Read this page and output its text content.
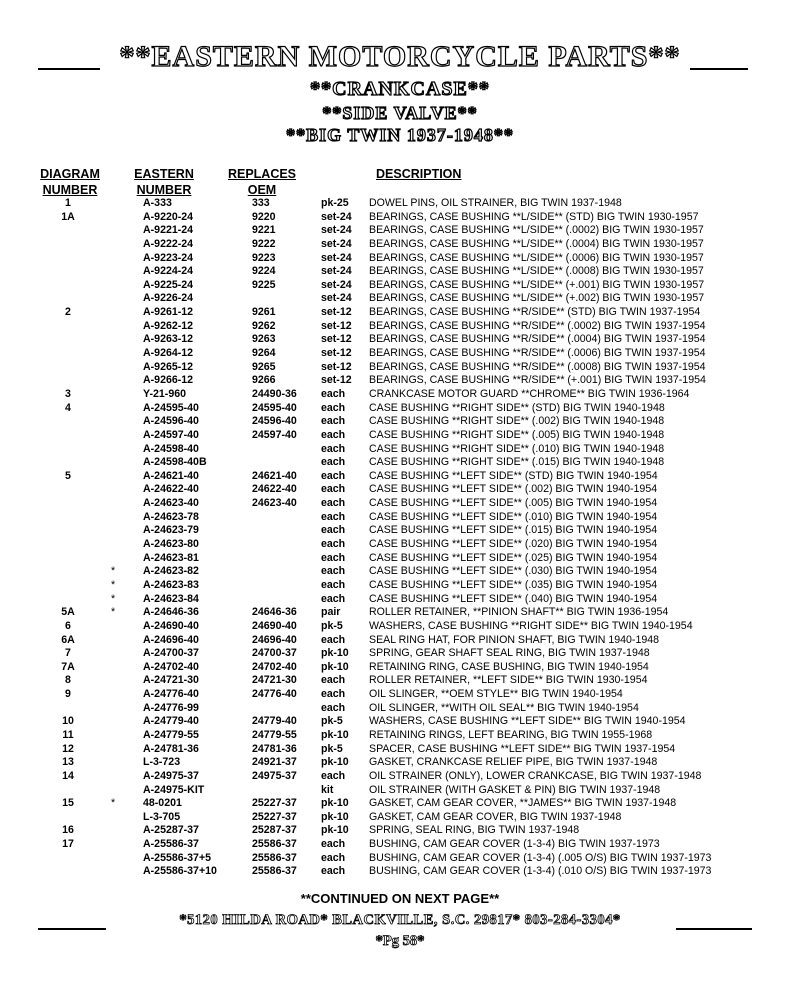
**EASTERN MOTORCYCLE PARTS**
**CRANKCASE**
**SIDE VALVE**
**BIG TWIN 1937-1948**
DIAGRAM
NUMBER
EASTERN
NUMBER
REPLACES
OEM
DESCRIPTION
1	A-333	333	pk-25 DOWEL PINS, OIL STRAINER, BIG TWIN 1937-1948
1A	A-9220-24	9220	set-24 BEARINGS, CASE BUSHING **L/SIDE** (STD) BIG TWIN 1930-1957
A-9221-24	9221	set-24 BEARINGS, CASE BUSHING **L/SIDE** (.0002) BIG TWIN 1930-1957
A-9222-24	9222	set-24 BEARINGS, CASE BUSHING **L/SIDE** (.0004) BIG TWIN 1930-1957
A-9223-24	9223	set-24 BEARINGS, CASE BUSHING **L/SIDE** (.0006) BIG TWIN 1930-1957
A-9224-24	9224	set-24 BEARINGS, CASE BUSHING **L/SIDE** (.0008) BIG TWIN 1930-1957
A-9225-24	9225	set-24 BEARINGS, CASE BUSHING **L/SIDE** (+.001) BIG TWIN 1930-1957
A-9226-24	set-24 BEARINGS, CASE BUSHING **L/SIDE** (+.002) BIG TWIN 1930-1957
2	A-9261-12	9261	set-12 BEARINGS, CASE BUSHING **R/SIDE** (STD) BIG TWIN 1937-1954
A-9262-12	9262	set-12 BEARINGS, CASE BUSHING **R/SIDE** (.0002) BIG TWIN 1937-1954
A-9263-12	9263	set-12 BEARINGS, CASE BUSHING **R/SIDE** (.0004) BIG TWIN 1937-1954
A-9264-12	9264	set-12 BEARINGS, CASE BUSHING **R/SIDE** (.0006) BIG TWIN 1937-1954
A-9265-12	9265	set-12 BEARINGS, CASE BUSHING **R/SIDE** (.0008) BIG TWIN 1937-1954
A-9266-12	9266	set-12 BEARINGS, CASE BUSHING **R/SIDE** (+.001) BIG TWIN 1937-1954
3	Y-21-960	24490-36 each CRANKCASE MOTOR GUARD **CHROME** BIG TWIN 1936-1964
4	A-24595-40	24595-40 each CASE BUSHING **RIGHT SIDE** (STD) BIG TWIN 1940-1948
A-24596-40	24596-40 each CASE BUSHING **RIGHT SIDE** (.002) BIG TWIN 1940-1948
A-24597-40	24597-40 each CASE BUSHING **RIGHT SIDE** (.005) BIG TWIN 1940-1948
A-24598-40	each CASE BUSHING **RIGHT SIDE** (.010) BIG TWIN 1940-1948
A-24598-40B	each CASE BUSHING **RIGHT SIDE** (.015) BIG TWIN 1940-1948
5	A-24621-40	24621-40 each CASE BUSHING **LEFT SIDE** (STD) BIG TWIN 1940-1954
A-24622-40	24622-40 each CASE BUSHING **LEFT SIDE** (.002) BIG TWIN 1940-1954
A-24623-40	24623-40 each CASE BUSHING **LEFT SIDE** (.005) BIG TWIN 1940-1954
A-24623-78	each CASE BUSHING **LEFT SIDE** (.010) BIG TWIN 1940-1954
A-24623-79	each CASE BUSHING **LEFT SIDE** (.015) BIG TWIN 1940-1954
A-24623-80	each CASE BUSHING **LEFT SIDE** (.020) BIG TWIN 1940-1954
A-24623-81	each CASE BUSHING **LEFT SIDE** (.025) BIG TWIN 1940-1954
*	A-24623-82	each CASE BUSHING **LEFT SIDE** (.030) BIG TWIN 1940-1954
*	A-24623-83	each CASE BUSHING **LEFT SIDE** (.035) BIG TWIN 1940-1954
*	A-24623-84	each CASE BUSHING **LEFT SIDE** (.040) BIG TWIN 1940-1954
5A	*	A-24646-36	24646-36 pair	ROLLER RETAINER, **PINION SHAFT** BIG TWIN 1936-1954
6	A-24690-40	24690-40 pk-5 WASHERS, CASE BUSHING **RIGHT SIDE** BIG TWIN 1940-1954
6A	A-24696-40	24696-40 each SEAL RING HAT, FOR PINION SHAFT, BIG TWIN 1940-1948
7	A-24700-37	24700-37 pk-10 SPRING, GEAR SHAFT SEAL RING, BIG TWIN 1937-1948
7A	A-24702-40	24702-40 pk-10 RETAINING RING, CASE BUSHING, BIG TWIN 1940-1954
8	A-24721-30	24721-30 each ROLLER RETAINER, **LEFT SIDE** BIG TWIN 1930-1954
9	A-24776-40	24776-40 each OIL SLINGER, **OEM STYLE** BIG TWIN 1940-1954
A-24776-99	each OIL SLINGER, **WITH OIL SEAL** BIG TWIN 1940-1954
10	A-24779-40	24779-40 pk-5 WASHERS, CASE BUSHING **LEFT SIDE** BIG TWIN 1940-1954
11	A-24779-55	24779-55 pk-10 RETAINING RINGS, LEFT BEARING, BIG TWIN 1955-1968
12	A-24781-36	24781-36 pk-5 SPACER, CASE BUSHING **LEFT SIDE** BIG TWIN 1937-1954
13	L-3-723	24921-37 pk-10 GASKET, CRANKCASE RELIEF PIPE, BIG TWIN 1937-1948
14	A-24975-37	24975-37 each OIL STRAINER (ONLY), LOWER CRANKCASE, BIG TWIN 1937-1948
A-24975-KIT	kit	OIL STRAINER (WITH GASKET & PIN) BIG TWIN 1937-1948
15	*	48-0201	25227-37 pk-10 GASKET, CAM GEAR COVER, **JAMES** BIG TWIN 1937-1948
L-3-705	25227-37 pk-10 GASKET, CAM GEAR COVER, BIG TWIN 1937-1948
16	A-25287-37	25287-37 pk-10 SPRING, SEAL RING, BIG TWIN 1937-1948
17	A-25586-37	25586-37 each BUSHING, CAM GEAR COVER (1-3-4) BIG TWIN 1937-1973
A-25586-37+5	25586-37 each BUSHING, CAM GEAR COVER (1-3-4) (.005 O/S) BIG TWIN 1937-1973
A-25586-37+10	25586-37 each BUSHING, CAM GEAR COVER (1-3-4) (.010 O/S) BIG TWIN 1937-1973
**CONTINUED ON NEXT PAGE**
*5120 HILDA ROAD* BLACKVILLE, S.C. 29817* 803-284-3304*
*Pg 58*
